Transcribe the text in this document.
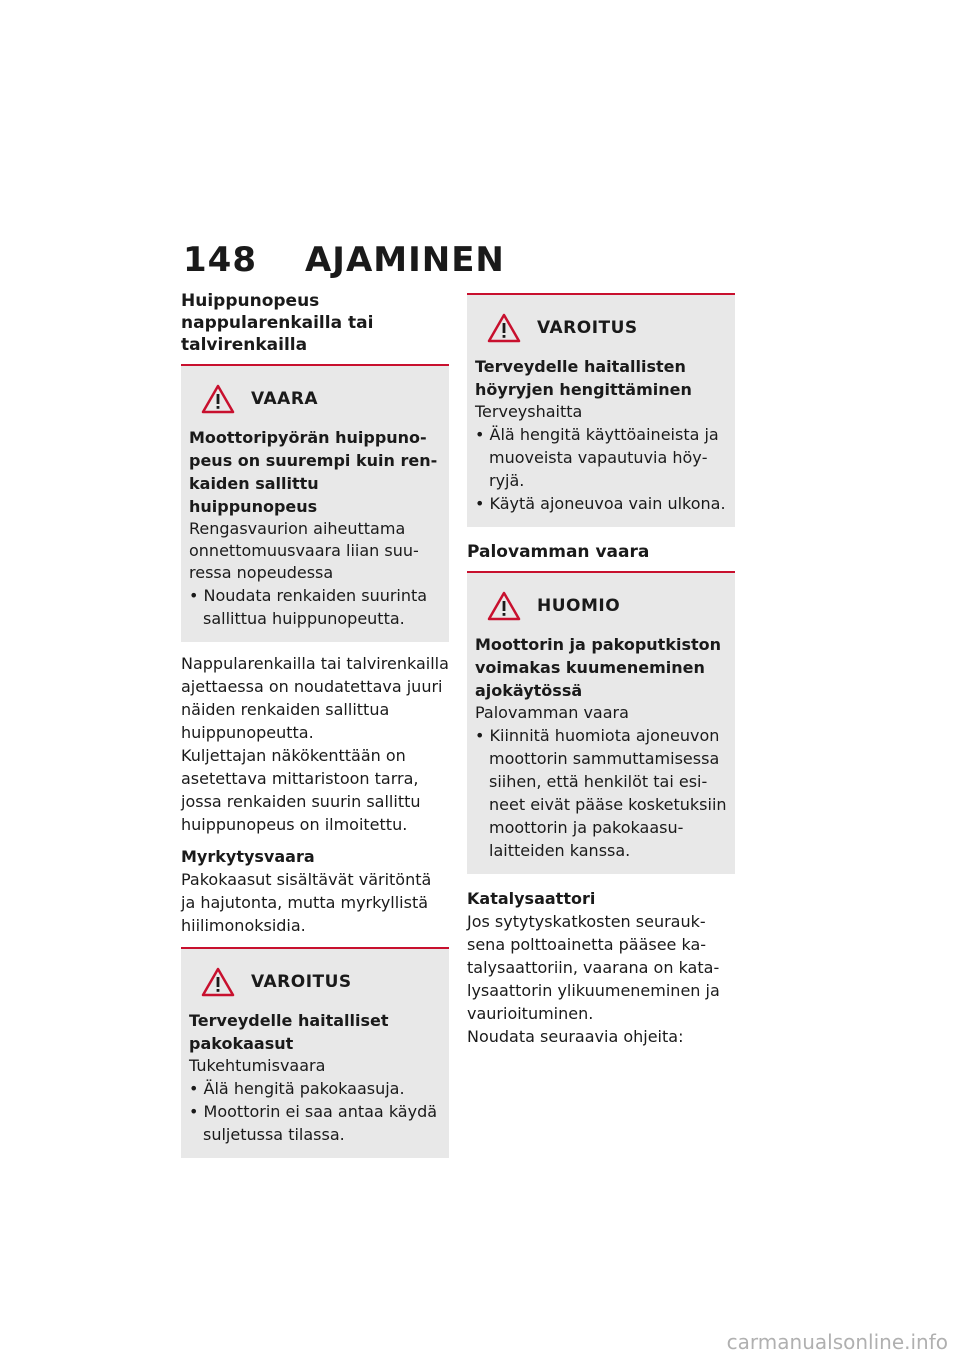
148 AJAMINEN

Huippunopeus nappularenkailla tai talvirenkailla

VAARA
Moottoripyörän huippunopeus on suurempi kuin renkaiden sallittu huippunopeus
Rengasvaurion aiheuttama onnettomuusvaara liian suuressa nopeudessa
• Noudata renkaiden suurinta sallittua huippunopeutta.

Nappularenkailla tai talvirenkailla ajettaessa on noudatettava juuri näiden renkaiden sallittua huippunopeutta.

Kuljettajan näkökenttään on asetettava mittaristoon tarra, jossa renkaiden suurin sallittu huippunopeus on ilmoitettu.

Myrkytysvaara

Pakokaasut sisältävät väritöntä ja hajutonta, mutta myrkyllistä hiilimonoksidia.

VAROITUS
Terveydelle haitalliset pakokaasut
Tukehtumisvaara
• Älä hengitä pakokaasuja.
• Moottorin ei saa antaa käydä suljetussa tilassa.
VAROITUS
Terveydelle haitallisten höyryjen hengittäminen
Terveyshaitta
• Älä hengitä käyttöaineista ja muoveista vapautuvia höyryjä.
• Käytä ajoneuvoa vain ulkona.

Palovamman vaara

HUOMIO
Moottorin ja pakoputkiston voimakas kuumeneminen ajokäytössä
Palovamman vaara
• Kiinnitä huomiota ajoneuvon moottorin sammuttamisessa siihen, että henkilöt tai esineet eivät pääse kosketuksiin moottorin ja pakokaasulaitteiden kanssa.

Katalysaattori

Jos sytytyskatkosten seurauksena polttoainetta pääsee katalysaattoriin, vaarana on katalysaattorin ylikuumeneminen ja vaurioituminen.

Noudata seuraavia ohjeita:

carmanualsonline.info
